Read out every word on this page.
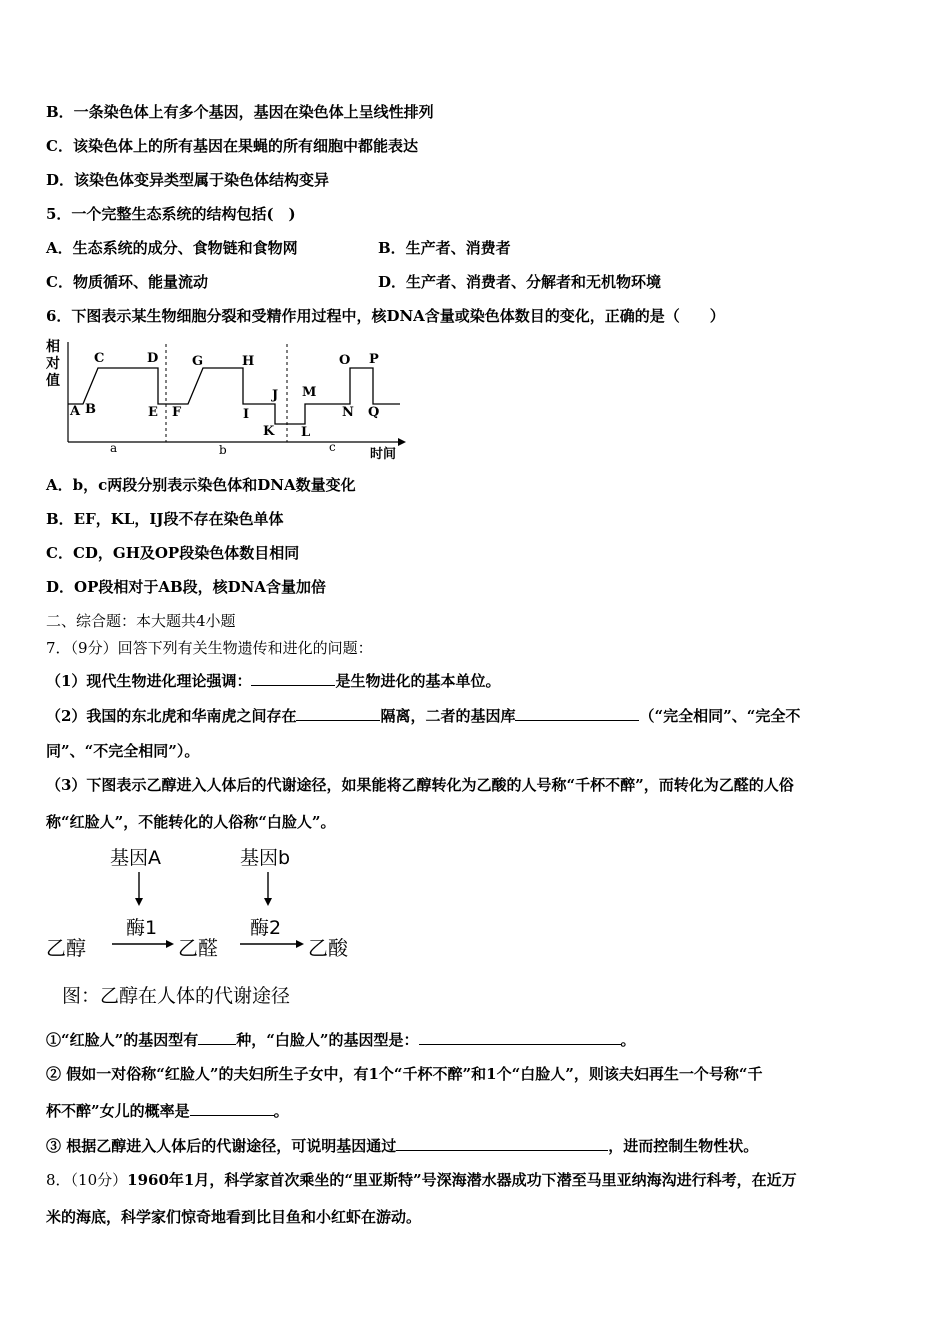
B．一条染色体上有多个基因，基因在染色体上呈线性排列
C．该染色体上的所有基因在果蝇的所有细胞中都能表达
D．该染色体变异类型属于染色体结构变异
5．一个完整生态系统的结构包括(　)
A．生态系统的成分、食物链和食物网	B．生产者、消费者
C．物质循环、能量流动	D．生产者、消费者、分解者和无机物环境
6．下图表示某生物细胞分裂和受精作用过程中，核DNA含量或染色体数目的变化，正确的是（　　）
相
对
值
时间
A B
C	D
E F
G	H
I
J
K L
M
N
O P
Q
a	b	c
A．b，c两段分别表示染色体和DNA数量变化
B．EF，KL，IJ段不存在染色单体
C．CD，GH及OP段染色体数目相同
D．OP段相对于AB段，核DNA含量加倍
二、综合题：本大题共4小题
7．（9分）回答下列有关生物遗传和进化的问题：
（1）现代生物进化理论强调：	是生物进化的基本单位。
（2）我国的东北虎和华南虎之间存在	隔离，二者的基因库	（“完全相同”、“完全不
同”、“不完全相同”）。
（3）下图表示乙醇进入人体后的代谢途径，如果能将乙醇转化为乙酸的人号称“千杯不醉”，而转化为乙醛的人俗
称“红脸人”，不能转化的人俗称“白脸人”。
基因A	基因b
酶1	酶2
乙醇	乙醛	乙酸
图：乙醇在人体的代谢途径
①“红脸人”的基因型有	种，“白脸人”的基因型是：	。
② 假如一对俗称“红脸人”的夫妇所生子女中，有1个“千杯不醉”和1个“白脸人”，则该夫妇再生一个号称“千
杯不醉”女儿的概率是	。
③ 根据乙醇进入人体后的代谢途径，可说明基因通过	，进而控制生物性状。
8．（10分）1960年1月，科学家首次乘坐的“里亚斯特”号深海潜水器成功下潜至马里亚纳海沟进行科考，在近万
米的海底，科学家们惊奇地看到比目鱼和小红虾在游动。
